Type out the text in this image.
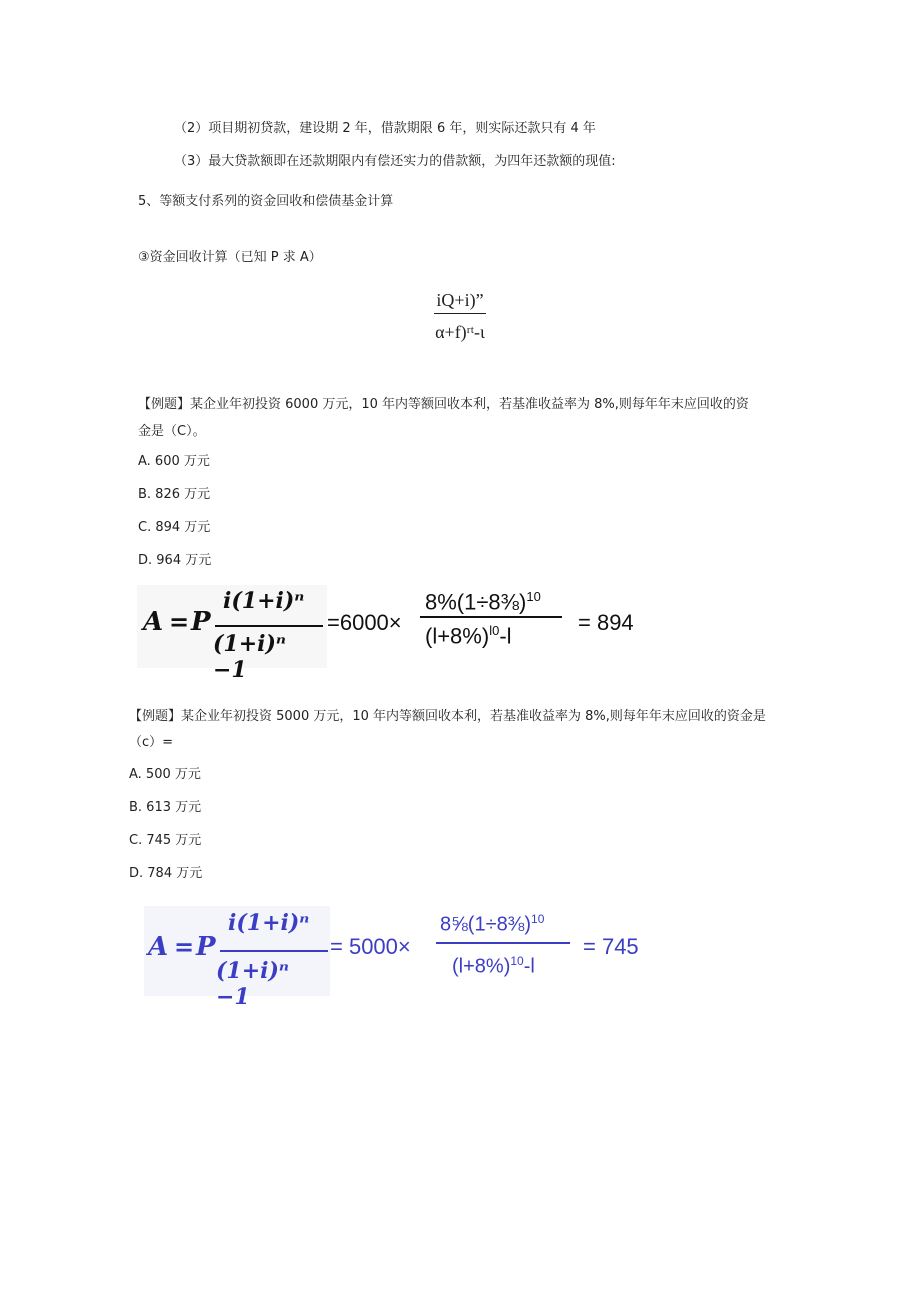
（2）项目期初贷款，建设期 2 年，借款期限 6 年，则实际还款只有 4 年
（3）最大贷款额即在还款期限内有偿还实力的借款额，为四年还款额的现值:
5、等额支付系列的资金回收和偿债基金计算
③资金回收计算（已知 P 求 A）
$\frac{iQ+i)”}{\text{α+f)ʳᵗ-ι}}$
【例题】某企业年初投资 6000 万元，10 年内等额回收本利，若基准收益率为 8%,则每年年末应回收的资
金是（C）。
A. 600 万元
B. 826 万元
C. 894 万元
D. 964 万元
A = P
i(1+i)ⁿ
(1+i)ⁿ −1
=6000×
8%(1÷8⅜)$^{10}$
$(l+8\%)^{l0}-l$
= 894
【例题】某企业年初投资 5000 万元，10 年内等额回收本利，若基准收益率为 8%,则每年年末应回收的资金是
（c）=
A. 500 万元
B. 613 万元
C. 745 万元
D. 784 万元
A = P
i(1+i)ⁿ
(1+i)ⁿ −1
= 5000×
8⅝(1÷8⅜)$^{10}$
$(l+8\%)^{10}-l$
= 745
